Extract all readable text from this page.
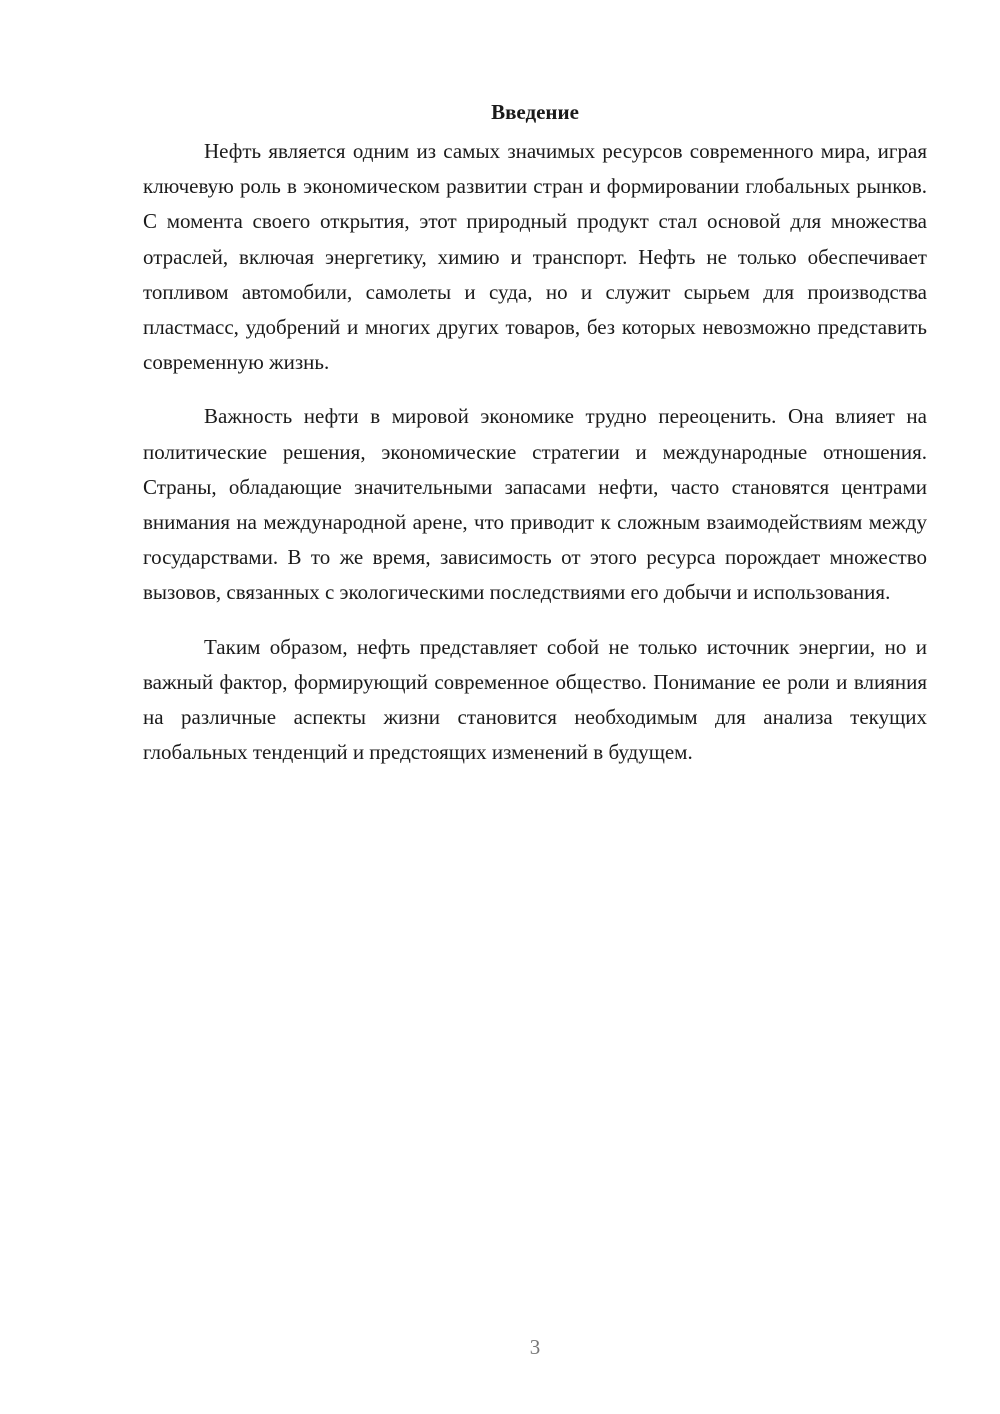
Введение

Нефть является одним из самых значимых ресурсов современного мира, играя ключевую роль в экономическом развитии стран и формировании глобальных рынков. С момента своего открытия, этот природный продукт стал основой для множества отраслей, включая энергетику, химию и транспорт. Нефть не только обеспечивает топливом автомобили, самолеты и суда, но и служит сырьем для производства пластмасс, удобрений и многих других товаров, без которых невозможно представить современную жизнь.

Важность нефти в мировой экономике трудно переоценить. Она влияет на политические решения, экономические стратегии и международные отношения. Страны, обладающие значительными запасами нефти, часто становятся центрами внимания на международной арене, что приводит к сложным взаимодействиям между государствами. В то же время, зависимость от этого ресурса порождает множество вызовов, связанных с экологическими последствиями его добычи и использования.

Таким образом, нефть представляет собой не только источник энергии, но и важный фактор, формирующий современное общество. Понимание ее роли и влияния на различные аспекты жизни становится необходимым для анализа текущих глобальных тенденций и предстоящих изменений в будущем.

3
